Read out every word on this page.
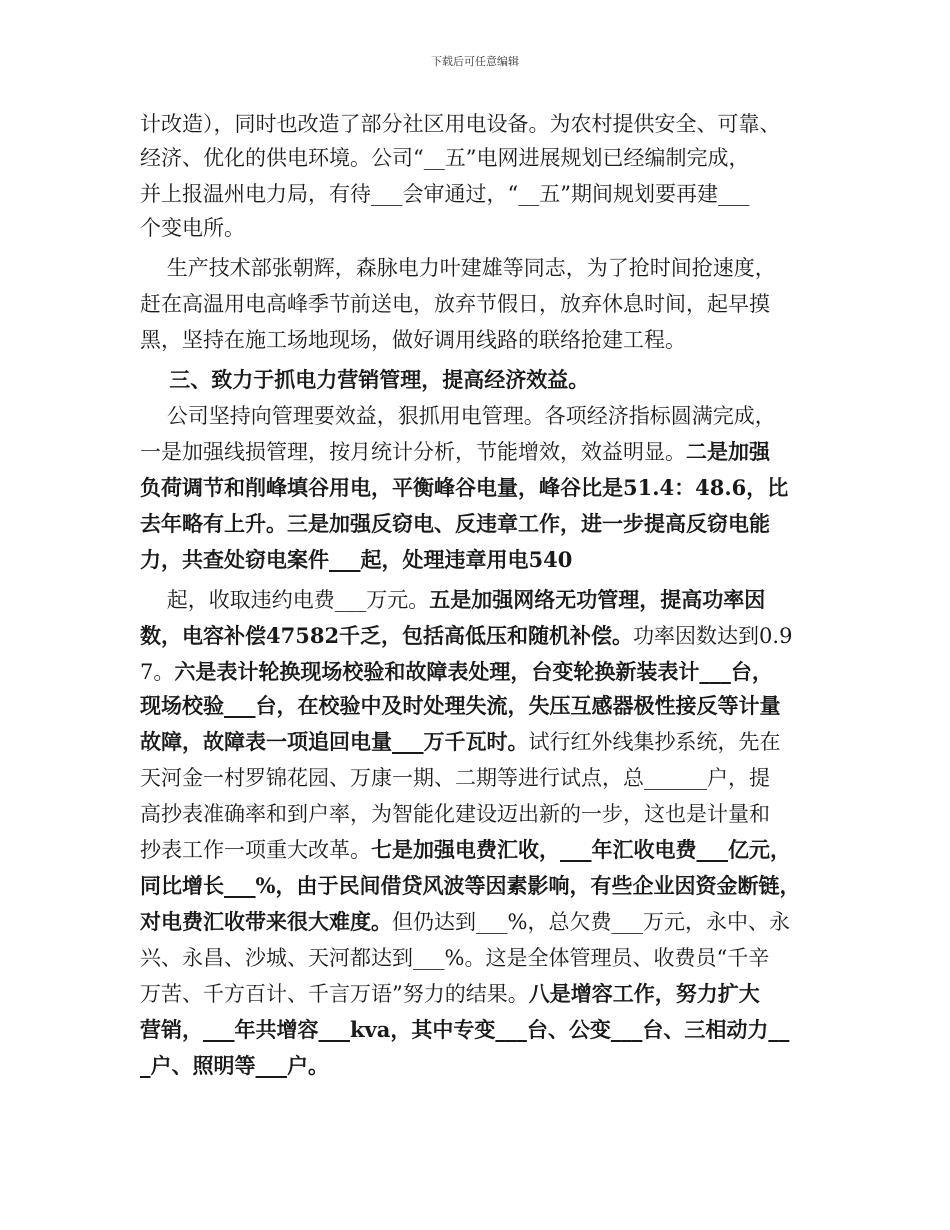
下载后可任意编辑
计改造），同时也改造了部分社区用电设备。为农村提供安全、可靠、
经济、优化的供电环境。公司“__五”电网进展规划已经编制完成，
并上报温州电力局，有待___会审通过，“__五”期间规划要再建___
个变电所。
生产技术部张朝辉，森脉电力叶建雄等同志，为了抢时间抢速度，
赶在高温用电高峰季节前送电，放弃节假日，放弃休息时间，起早摸
黑，坚持在施工场地现场，做好调用线路的联络抢建工程。
三、致力于抓电力营销管理，提高经济效益。
公司坚持向管理要效益，狠抓用电管理。各项经济指标圆满完成，
一是加强线损管理，按月统计分析，节能增效，效益明显。二是加强
负荷调节和削峰填谷用电，平衡峰谷电量，峰谷比是51.4：48.6，比
去年略有上升。三是加强反窃电、反违章工作，进一步提高反窃电能
力，共查处窃电案件___起，处理违章用电540
起，收取违约电费___万元。五是加强网络无功管理，提高功率因
数，电容补偿47582千乏，包括高低压和随机补偿。功率因数达到0.9
7。六是表计轮换现场校验和故障表处理，台变轮换新装表计___台，
现场校验___台，在校验中及时处理失流，失压互感器极性接反等计量
故障，故障表一项追回电量___万千瓦时。试行红外线集抄系统，先在
天河金一村罗锦花园、万康一期、二期等进行试点，总______户，提
高抄表准确率和到户率，为智能化建设迈出新的一步，这也是计量和
抄表工作一项重大改革。七是加强电费汇收，___年汇收电费___亿元，
同比增长___%，由于民间借贷风波等因素影响，有些企业因资金断链，
对电费汇收带来很大难度。但仍达到___%，总欠费___万元，永中、永
兴、永昌、沙城、天河都达到___%。这是全体管理员、收费员“千辛
万苦、千方百计、千言万语”努力的结果。八是增容工作，努力扩大
营销，___年共增容___kva，其中专变___台、公变___台、三相动力__
_户、照明等___户。
